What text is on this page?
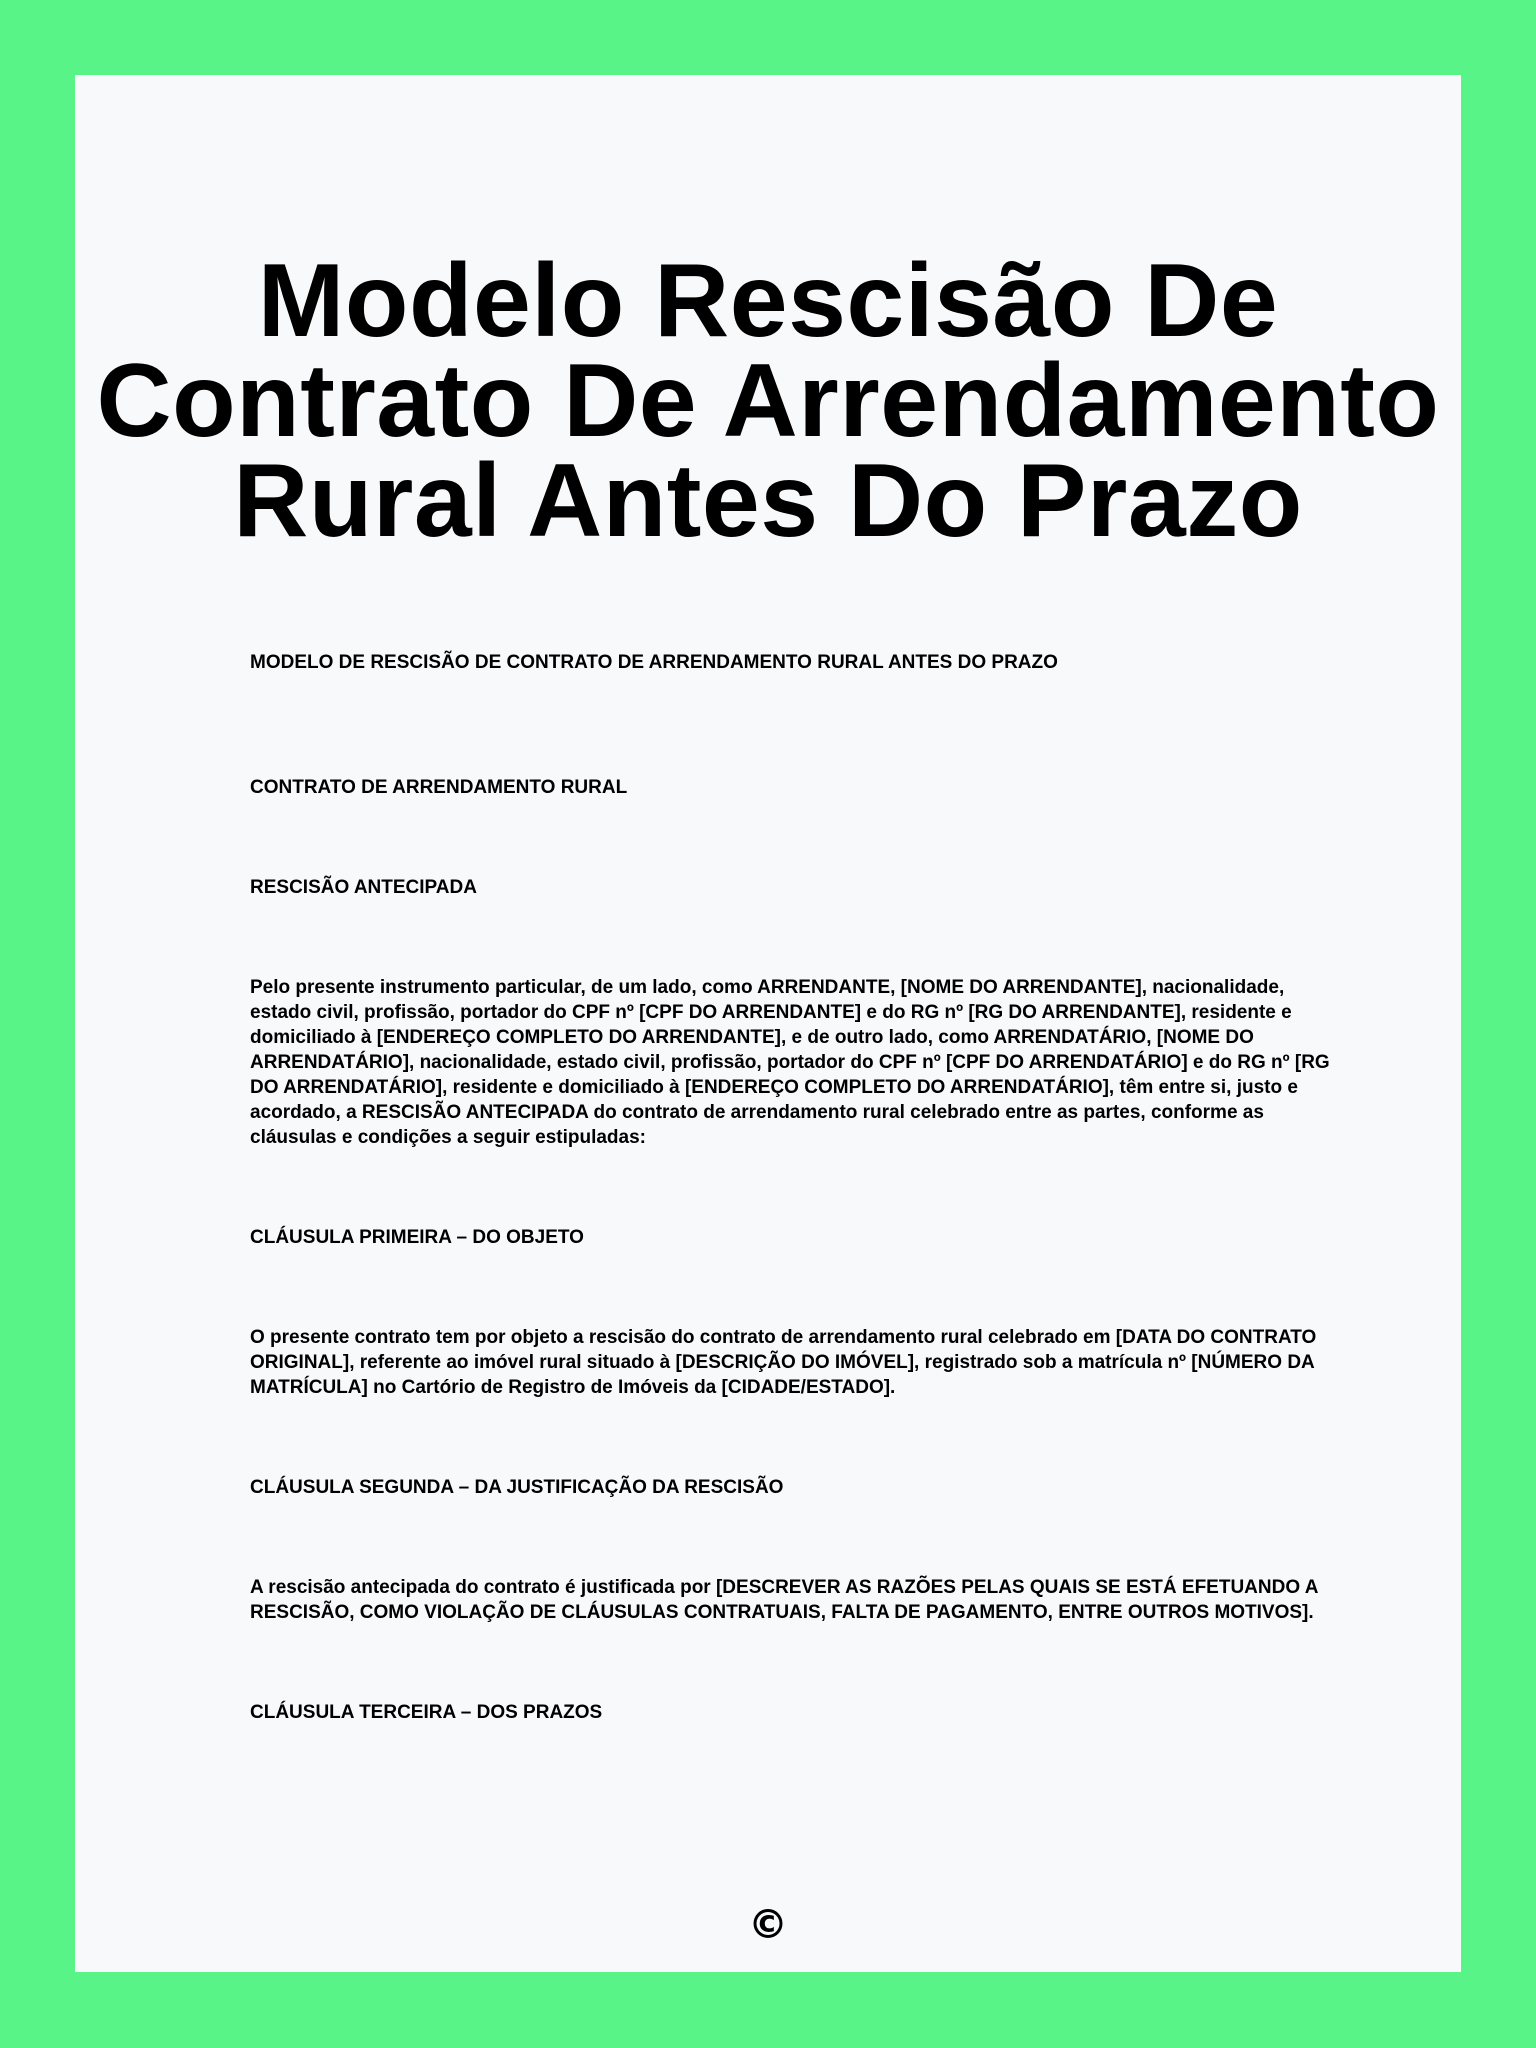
Modelo Rescisão De Contrato De Arrendamento Rural Antes Do Prazo

MODELO DE RESCISÃO DE CONTRATO DE ARRENDAMENTO RURAL ANTES DO PRAZO

CONTRATO DE ARRENDAMENTO RURAL

RESCISÃO ANTECIPADA

Pelo presente instrumento particular, de um lado, como ARRENDANTE, [NOME DO ARRENDANTE], nacionalidade, estado civil, profissão, portador do CPF nº [CPF DO ARRENDANTE] e do RG nº [RG DO ARRENDANTE], residente e domiciliado à [ENDEREÇO COMPLETO DO ARRENDANTE], e de outro lado, como ARRENDATÁRIO, [NOME DO ARRENDATÁRIO], nacionalidade, estado civil, profissão, portador do CPF nº [CPF DO ARRENDATÁRIO] e do RG nº [RG DO ARRENDATÁRIO], residente e domiciliado à [ENDEREÇO COMPLETO DO ARRENDATÁRIO], têm entre si, justo e acordado, a RESCISÃO ANTECIPADA do contrato de arrendamento rural celebrado entre as partes, conforme as cláusulas e condições a seguir estipuladas:

CLÁUSULA PRIMEIRA – DO OBJETO

O presente contrato tem por objeto a rescisão do contrato de arrendamento rural celebrado em [DATA DO CONTRATO ORIGINAL], referente ao imóvel rural situado à [DESCRIÇÃO DO IMÓVEL], registrado sob a matrícula nº [NÚMERO DA MATRÍCULA] no Cartório de Registro de Imóveis da [CIDADE/ESTADO].

CLÁUSULA SEGUNDA – DA JUSTIFICAÇÃO DA RESCISÃO

A rescisão antecipada do contrato é justificada por [DESCREVER AS RAZÕES PELAS QUAIS SE ESTÁ EFETUANDO A RESCISÃO, COMO VIOLAÇÃO DE CLÁUSULAS CONTRATUAIS, FALTA DE PAGAMENTO, ENTRE OUTROS MOTIVOS].

CLÁUSULA TERCEIRA – DOS PRAZOS

©
